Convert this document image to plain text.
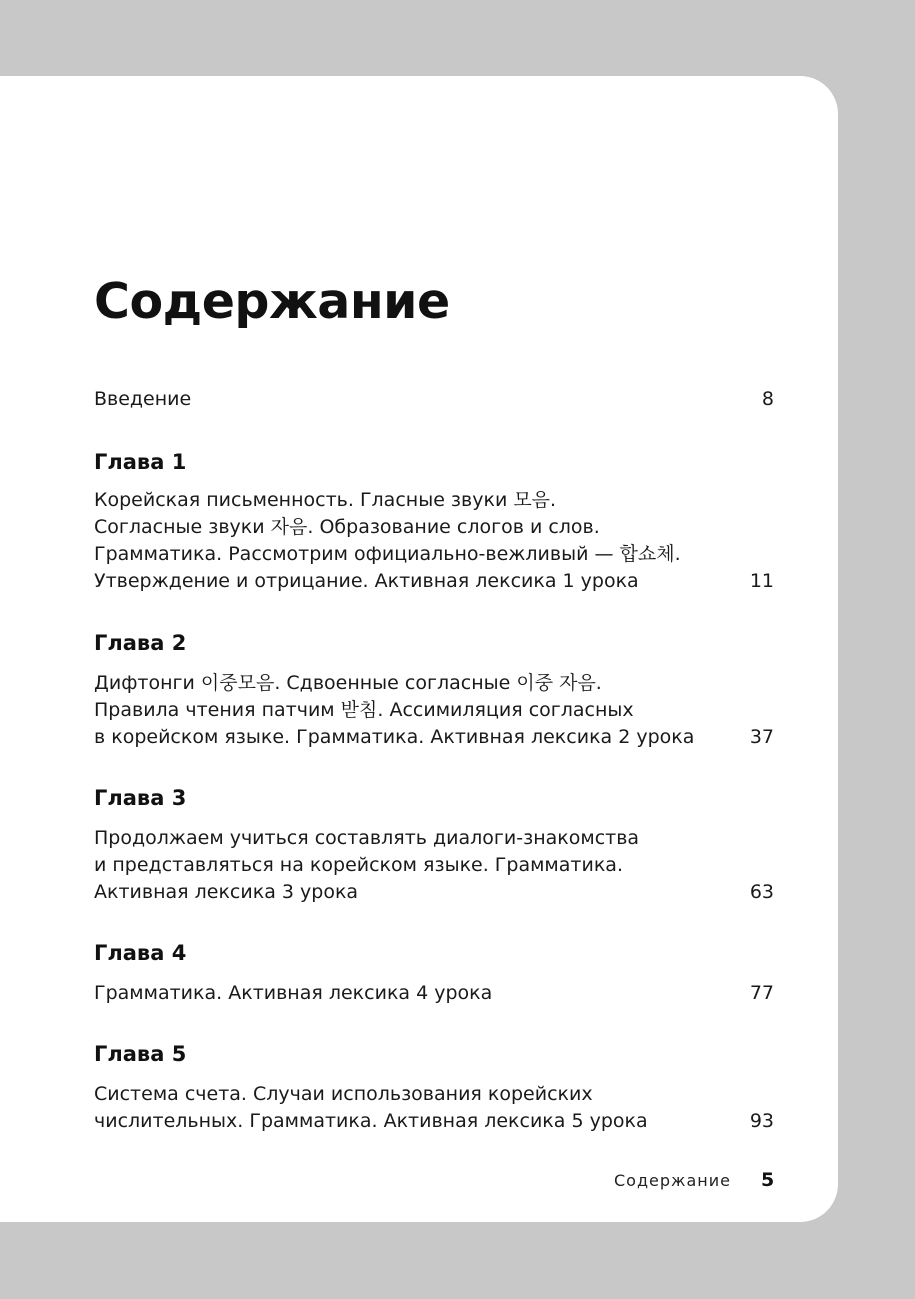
Содержание
Введение	8
Глава 1
Корейская письменность. Гласные звуки 모음.
Согласные звуки 자음. Образование слогов и слов.
Грамматика. Рассмотрим официально-вежливый — 합쇼체.
Утверждение и отрицание. Активная лексика 1 урока	11
Глава 2
Дифтонги 이중모음. Сдвоенные согласные 이중 자음.
Правила чтения патчим 받침. Ассимиляция согласных
в корейском языке. Грамматика. Активная лексика 2 урока	37
Глава 3
Продолжаем учиться составлять диалоги-знакомства
и представляться на корейском языке. Грамматика.
Активная лексика 3 урока	63
Глава 4
Грамматика. Активная лексика 4 урока	77
Глава 5
Система счета. Случаи использования корейских
числительных. Грамматика. Активная лексика 5 урока	93
Содержание 5
